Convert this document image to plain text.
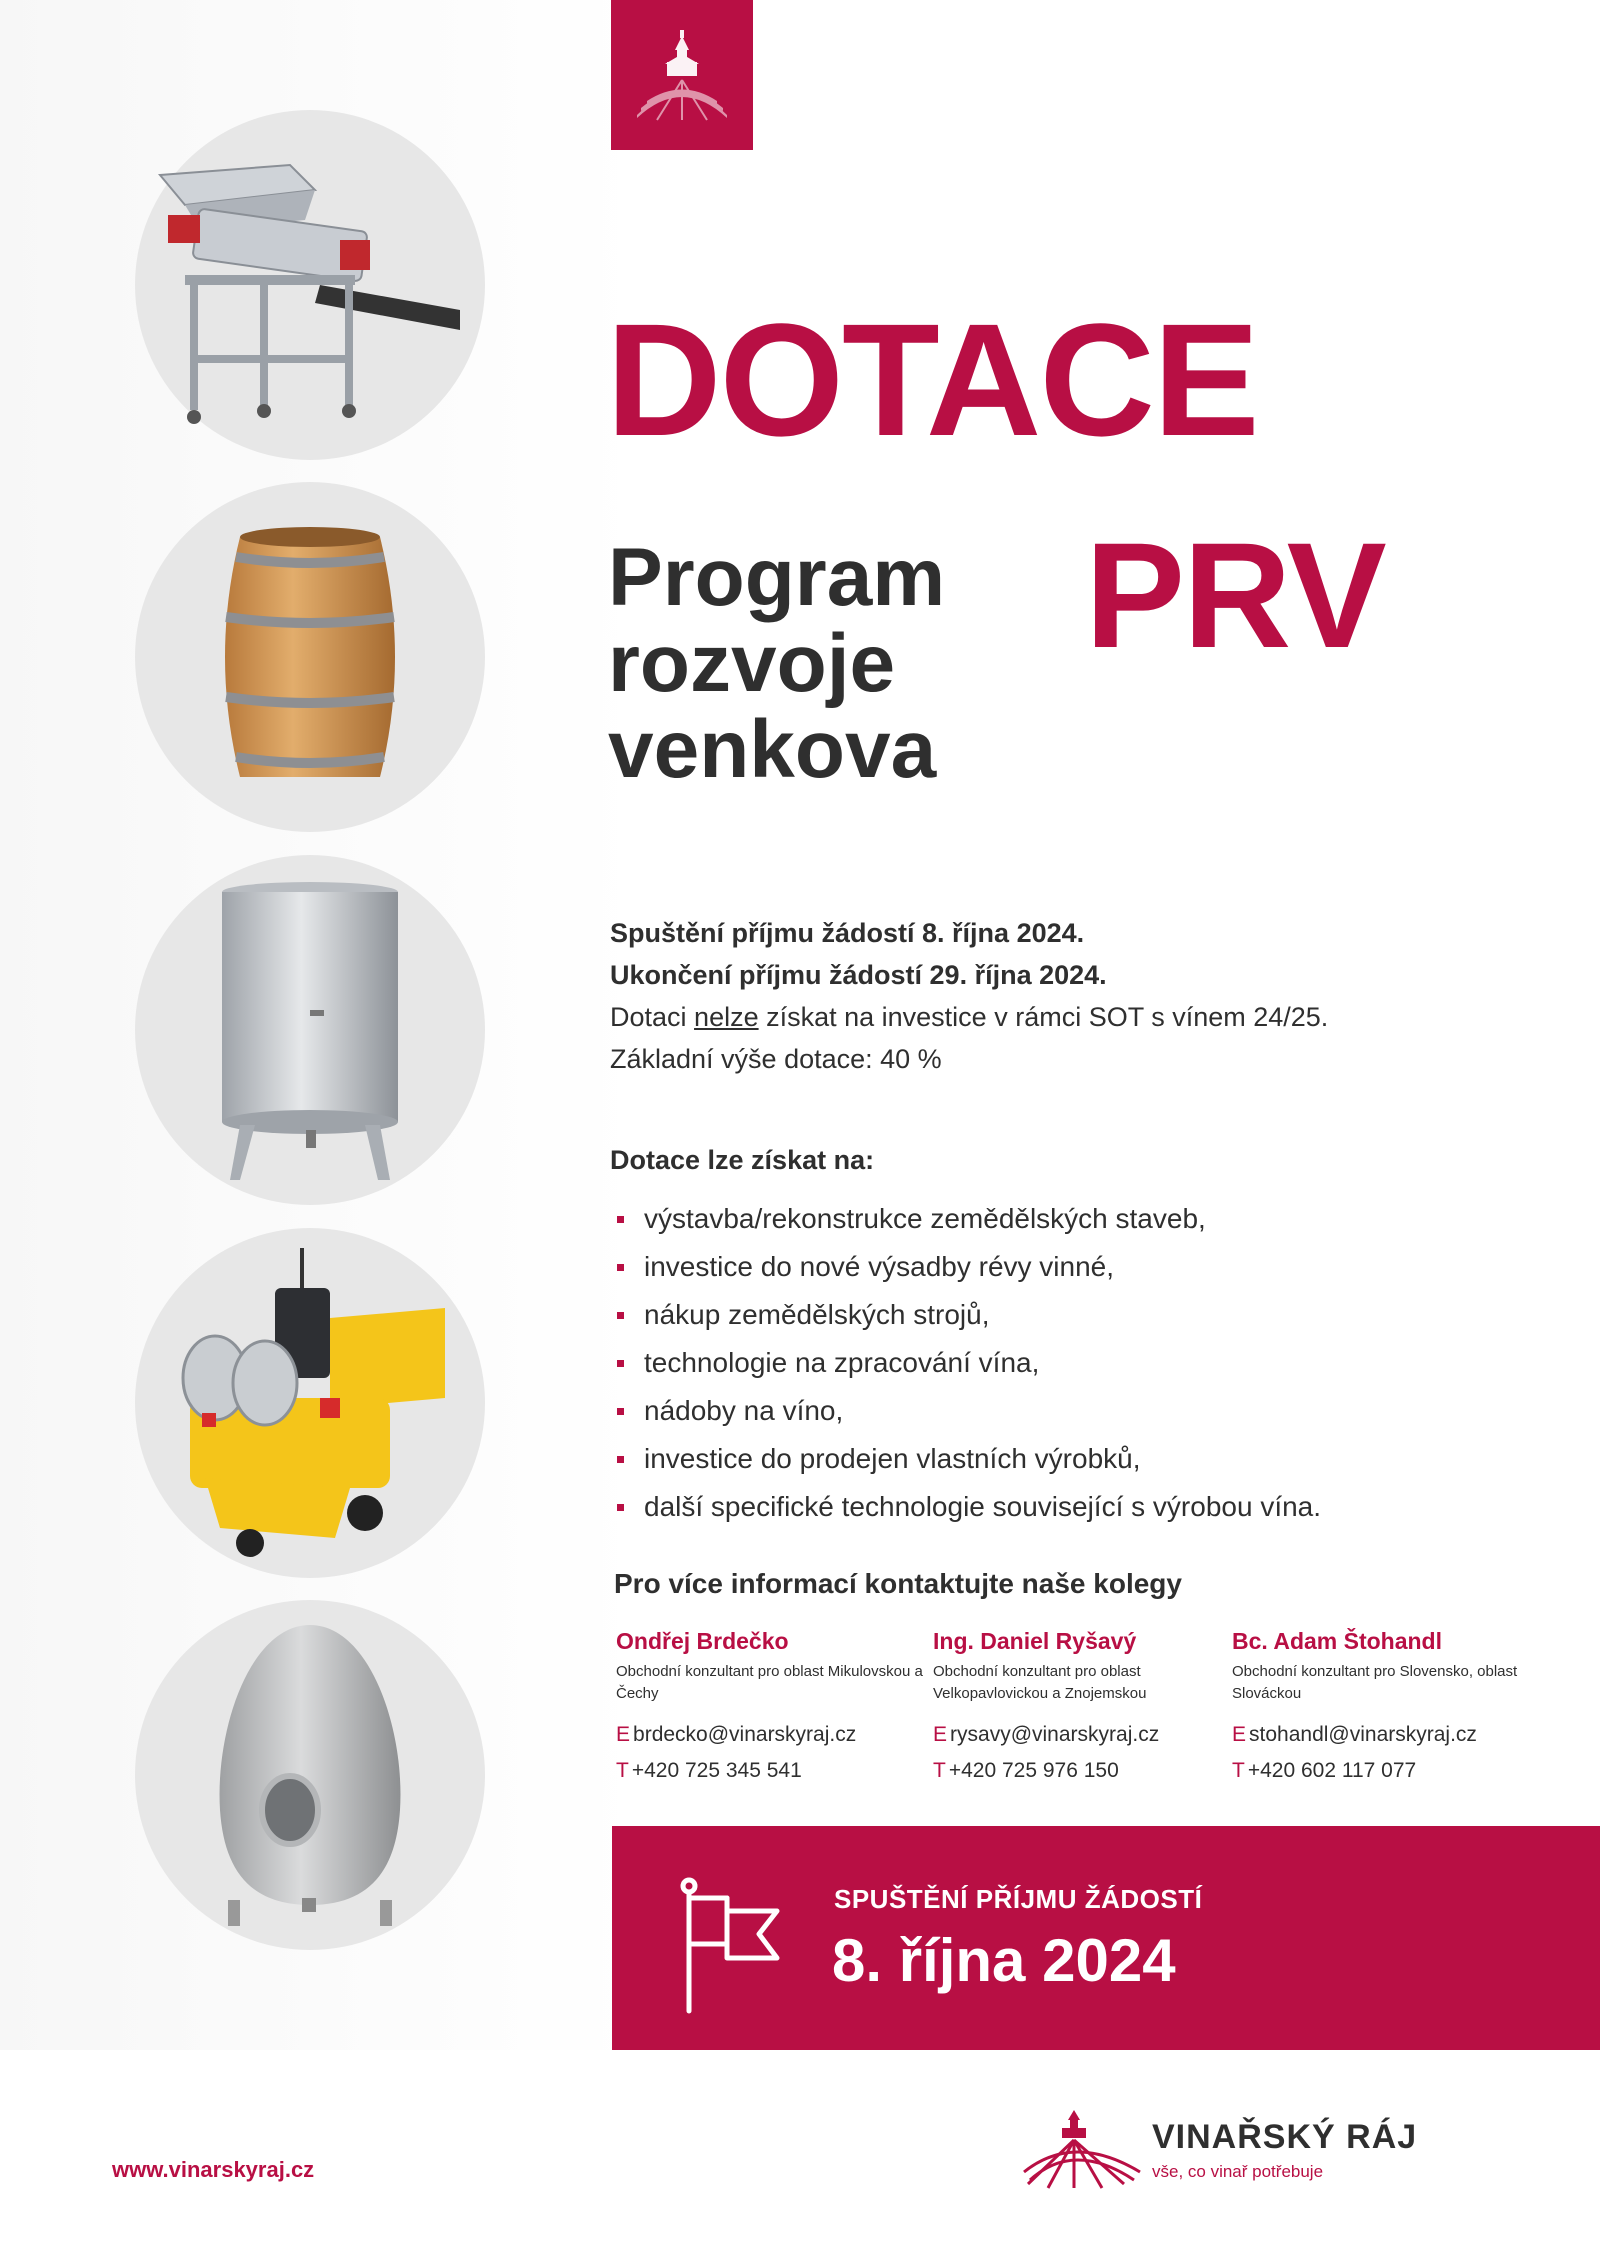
DOTACE
Program
rozvoje
venkova
PRV
Spuštění příjmu žádostí 8. října 2024.
Ukončení příjmu žádostí 29. října 2024.
Dotaci nelze získat na investice v rámci SOT s vínem 24/25.
Základní výše dotace: 40 %
Dotace lze získat na:
výstavba/rekonstrukce zemědělských staveb,
investice do nové výsadby révy vinné,
nákup zemědělských strojů,
technologie na zpracování vína,
nádoby na víno,
investice do prodejen vlastních výrobků,
další specifické technologie související s výrobou vína.
Pro více informací kontaktujte naše kolegy
Ondřej Brdečko
Obchodní konzultant pro oblast Mikulovskou a Čechy
E brdecko@vinarskyraj.cz
T +420 725 345 541
Ing. Daniel Ryšavý
Obchodní konzultant pro oblast Velkopavlovickou a Znojemskou
E rysavy@vinarskyraj.cz
T +420 725 976 150
Bc. Adam Štohandl
Obchodní konzultant pro Slovensko, oblast Slováckou
E stohandl@vinarskyraj.cz
T +420 602 117 077
SPUŠTĚNÍ PŘÍJMU ŽÁDOSTÍ
8. října 2024
www.vinarskyraj.cz
VINAŘSKÝ RÁJ
vše, co vinař potřebuje
